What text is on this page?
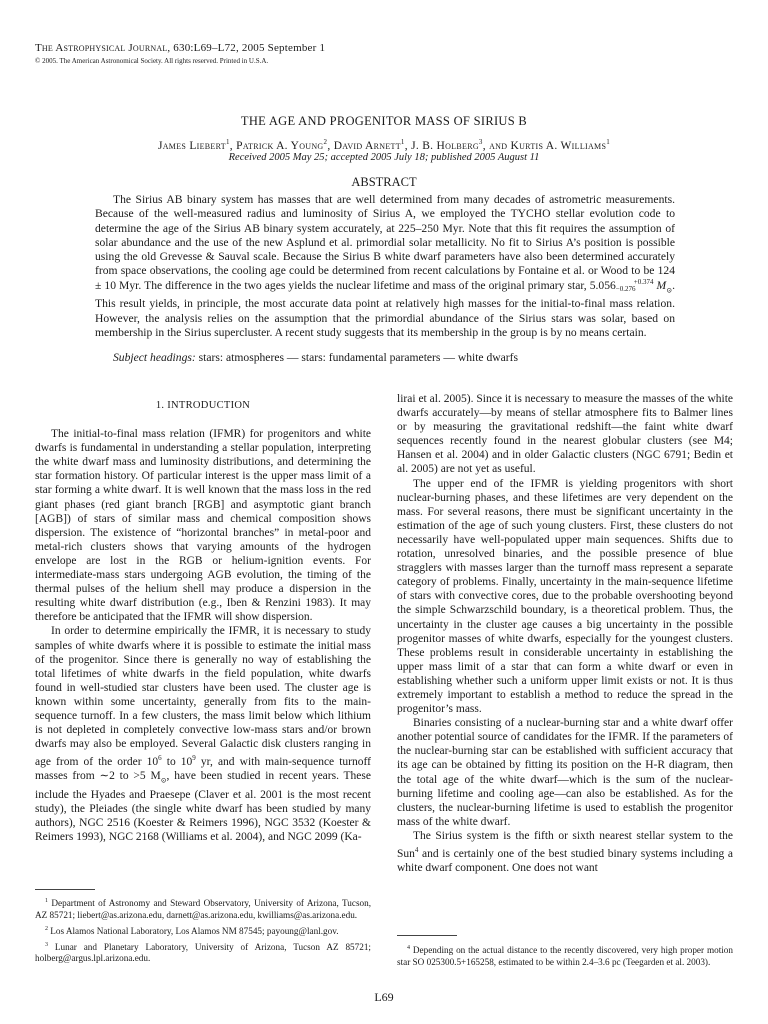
The Astrophysical Journal, 630:L69–L72, 2005 September 1
© 2005. The American Astronomical Society. All rights reserved. Printed in U.S.A.
THE AGE AND PROGENITOR MASS OF SIRIUS B
James Liebert$^1$, Patrick A. Young$^2$, David Arnett$^1$, J. B. Holberg$^3$, and Kurtis A. Williams$^1$
Received 2005 May 25; accepted 2005 July 18; published 2005 August 11
ABSTRACT
The Sirius AB binary system has masses that are well determined from many decades of astrometric measurements. Because of the well-measured radius and luminosity of Sirius A, we employed the TYCHO stellar evolution code to determine the age of the Sirius AB binary system accurately, at 225–250 Myr. Note that this fit requires the assumption of solar abundance and the use of the new Asplund et al. primordial solar metallicity. No fit to Sirius A’s position is possible using the old Grevesse & Sauval scale. Because the Sirius B white dwarf parameters have also been determined accurately from space observations, the cooling age could be determined from recent calculations by Fontaine et al. or Wood to be 124 ± 10 Myr. The difference in the two ages yields the nuclear lifetime and mass of the original primary star, 5.056	+0.374
−0.276 $M_⊙$. This result yields, in principle, the most accurate data point at relatively high masses for the initial-to-final mass relation. However, the analysis relies on the assumption that the primordial abundance of the Sirius stars was solar, based on membership in the Sirius supercluster. A recent study suggests that its membership in the group is by no means certain.
Subject headings: stars: atmospheres — stars: fundamental parameters — white dwarfs
1. INTRODUCTION

The initial-to-final mass relation (IFMR) for progenitors and white dwarfs is fundamental in understanding a stellar population, interpreting the white dwarf mass and luminosity distributions, and determining the star formation history. Of particular interest is the upper mass limit of a star forming a white dwarf. It is well known that the mass loss in the red giant phases (red giant branch [RGB] and asymptotic giant branch [AGB]) of stars of similar mass and chemical composition shows dispersion. The existence of “horizontal branches” in metal-poor and metal-rich clusters shows that varying amounts of the hydrogen envelope are lost in the RGB or helium-ignition events. For intermediate-mass stars undergoing AGB evolution, the timing of the thermal pulses of the helium shell may produce a dispersion in the resulting white dwarf distribution (e.g., Iben & Renzini 1983). It may therefore be anticipated that the IFMR will show dispersion.

In order to determine empirically the IFMR, it is necessary to study samples of white dwarfs where it is possible to estimate the initial mass of the progenitor. Since there is generally no way of establishing the total lifetimes of white dwarfs in the field population, white dwarfs found in well-studied star clusters have been used. The cluster age is known within some uncertainty, generally from fits to the main-sequence turnoff. In a few clusters, the mass limit below which lithium is not depleted in completely convective low-mass stars and/or brown dwarfs may also be employed. Several Galactic disk clusters ranging in age from of the order $10^6$ to $10^9$ yr, and with main-sequence turnoff masses from ∼2 to >5 $M_⊙$, have been studied in recent years. These include the Hyades and Praesepe (Claver et al. 2001 is the most recent study), the Pleiades (the single white dwarf has been studied by many authors), NGC 2516 (Koester & Reimers 1996), NGC 3532 (Koester & Reimers 1993), NGC 2168 (Williams et al. 2004), and NGC 2099 (Ka-

lirai et al. 2005). Since it is necessary to measure the masses of the white dwarfs accurately—by means of stellar atmosphere fits to Balmer lines or by measuring the gravitational redshift—the faint white dwarf sequences recently found in the nearest globular clusters (see M4; Hansen et al. 2004) and in older Galactic clusters (NGC 6791; Bedin et al. 2005) are not yet as useful.

The upper end of the IFMR is yielding progenitors with short nuclear-burning phases, and these lifetimes are very dependent on the mass. For several reasons, there must be significant uncertainty in the estimation of the age of such young clusters. First, these clusters do not necessarily have well-populated upper main sequences. Shifts due to rotation, unresolved binaries, and the possible presence of blue stragglers with masses larger than the turnoff mass represent a separate category of problems. Finally, uncertainty in the main-sequence lifetime of stars with convective cores, due to the probable overshooting beyond the simple Schwarzschild boundary, is a theoretical problem. Thus, the uncertainty in the cluster age causes a big uncertainty in the possible progenitor masses of white dwarfs, especially for the youngest clusters. These problems result in considerable uncertainty in establishing the upper mass limit of a star that can form a white dwarf or even in establishing whether such a uniform upper limit exists or not. It is thus extremely important to establish a method to reduce the spread in the progenitor’s mass.

Binaries consisting of a nuclear-burning star and a white dwarf offer another potential source of candidates for the IFMR. If the parameters of the nuclear-burning star can be established with sufficient accuracy that its age can be obtained by fitting its position on the H-R diagram, then the total age of the white dwarf—which is the sum of the nuclear-burning lifetime and cooling age—can also be established. As for the clusters, the nuclear-burning lifetime is used to establish the progenitor mass of the white dwarf.

The Sirius system is the fifth or sixth nearest stellar system to the Sun$^4$ and is certainly one of the best studied binary systems including a white dwarf component. One does not want

$^1$ Department of Astronomy and Steward Observatory, University of Arizona, Tucson, AZ 85721; liebert@as.arizona.edu, darnett@as.arizona.edu, kwilliams@as.arizona.edu.

$^2$ Los Alamos National Laboratory, Los Alamos NM 87545; payoung@lanl.gov.

$^3$ Lunar and Planetary Laboratory, University of Arizona, Tucson AZ 85721; holberg@argus.lpl.arizona.edu.

$^4$ Depending on the actual distance to the recently discovered, very high proper motion star SO 025300.5+165258, estimated to be within 2.4–3.6 pc (Teegarden et al. 2003).

L69
